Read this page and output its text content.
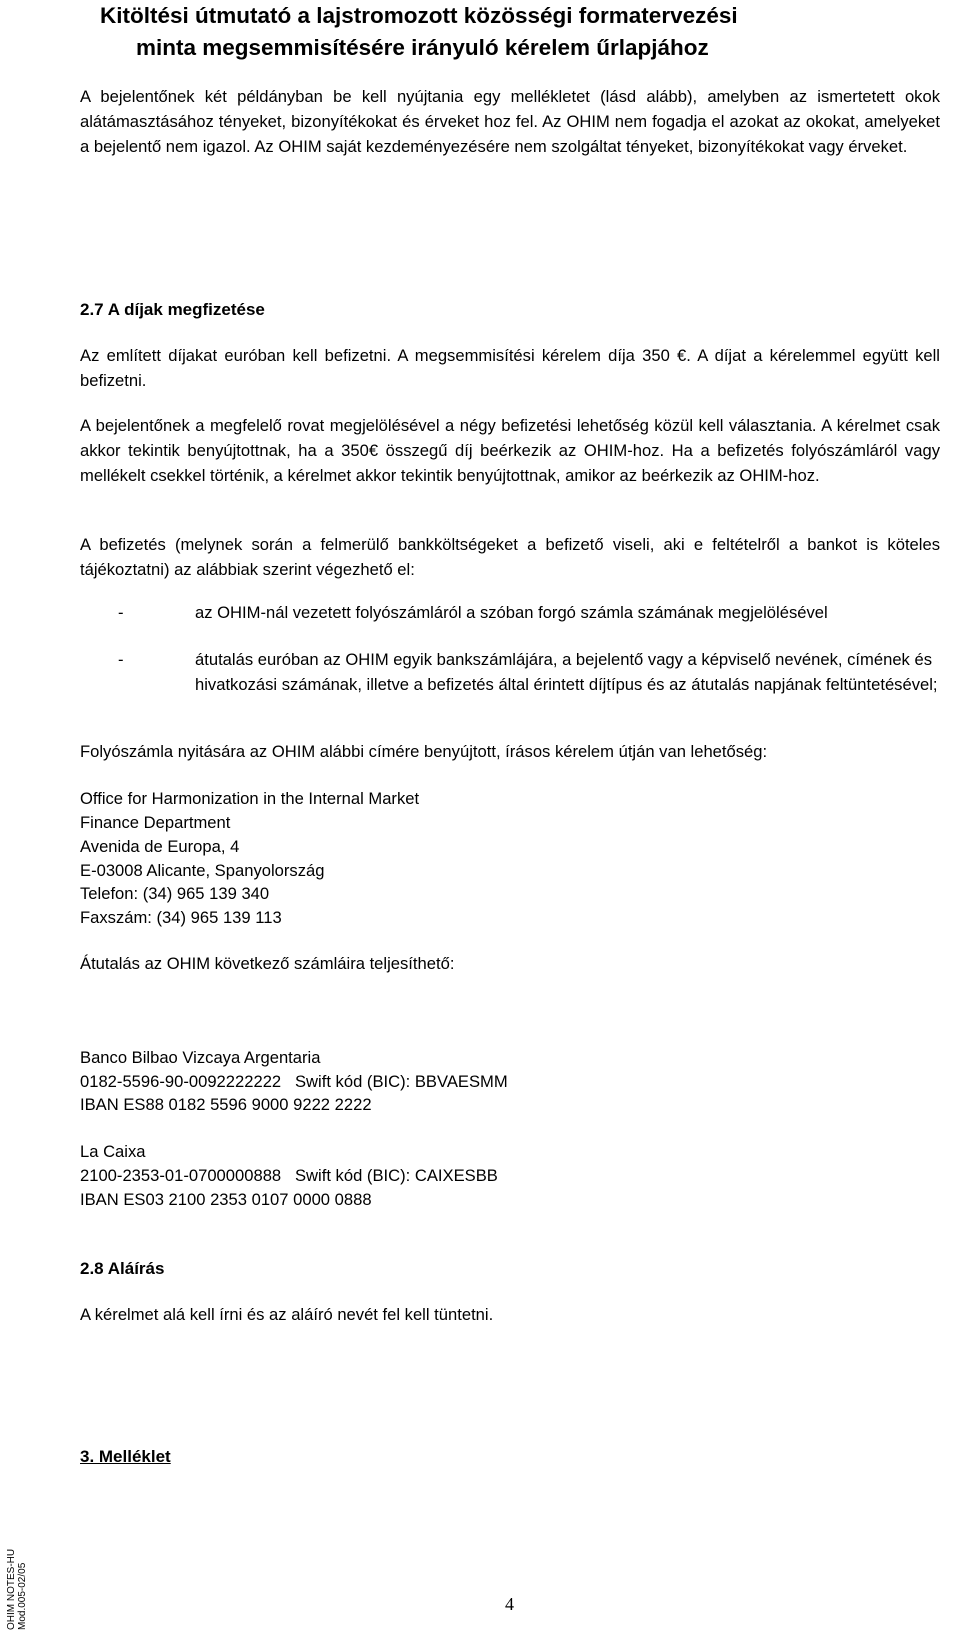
Kitöltési útmutató a lajstromozott közösségi formatervezési
minta megsemmisítésére irányuló kérelem űrlapjához
A bejelentőnek két példányban be kell nyújtania egy mellékletet (lásd alább), amelyben az ismertetett okok alátámasztásához tényeket, bizonyítékokat és érveket hoz fel. Az OHIM nem fogadja el azokat az okokat, amelyeket a bejelentő nem igazol. Az OHIM saját kezdeményezésére nem szolgáltat tényeket, bizonyítékokat vagy érveket.
2.7 A díjak megfizetése
Az említett díjakat euróban kell befizetni. A megsemmisítési kérelem díja 350 €. A díjat a kérelemmel együtt kell befizetni.
A bejelentőnek a megfelelő rovat megjelölésével a négy befizetési lehetőség közül kell választania. A kérelmet csak akkor tekintik benyújtottnak, ha a 350€ összegű díj beérkezik az OHIM-hoz. Ha a befizetés folyószámláról vagy mellékelt csekkel történik, a kérelmet akkor tekintik benyújtottnak, amikor az beérkezik az OHIM-hoz.
A befizetés (melynek során a felmerülő bankköltségeket a befizető viseli, aki e feltételről a bankot is köteles tájékoztatni) az alábbiak szerint végezhető el:
-	az OHIM-nál vezetett folyószámláról a szóban forgó számla számának megjelölésével
-	átutalás euróban az OHIM egyik bankszámlájára, a bejelentő vagy a képviselő nevének, címének és hivatkozási számának, illetve a befizetés által érintett díjtípus és az átutalás napjának feltüntetésével;
Folyószámla nyitására az OHIM alábbi címére benyújtott, írásos kérelem útján van lehetőség:
Office for Harmonization in the Internal Market
Finance Department
Avenida de Europa, 4
E-03008 Alicante, Spanyolország
Telefon: (34) 965 139 340
Faxszám: (34) 965 139 113
Átutalás az OHIM következő számláira teljesíthető:
Banco Bilbao Vizcaya Argentaria
0182-5596-90-0092222222   Swift kód (BIC): BBVAESMM
IBAN ES88 0182 5596 9000 9222 2222
La Caixa
2100-2353-01-0700000888   Swift kód (BIC): CAIXESBB
IBAN ES03 2100 2353 0107 0000 0888
2.8 Aláírás
A kérelmet alá kell írni és az aláíró nevét fel kell tüntetni.
3. Melléklet
4
OHIM NOTES-HU Mod.005-02/05
